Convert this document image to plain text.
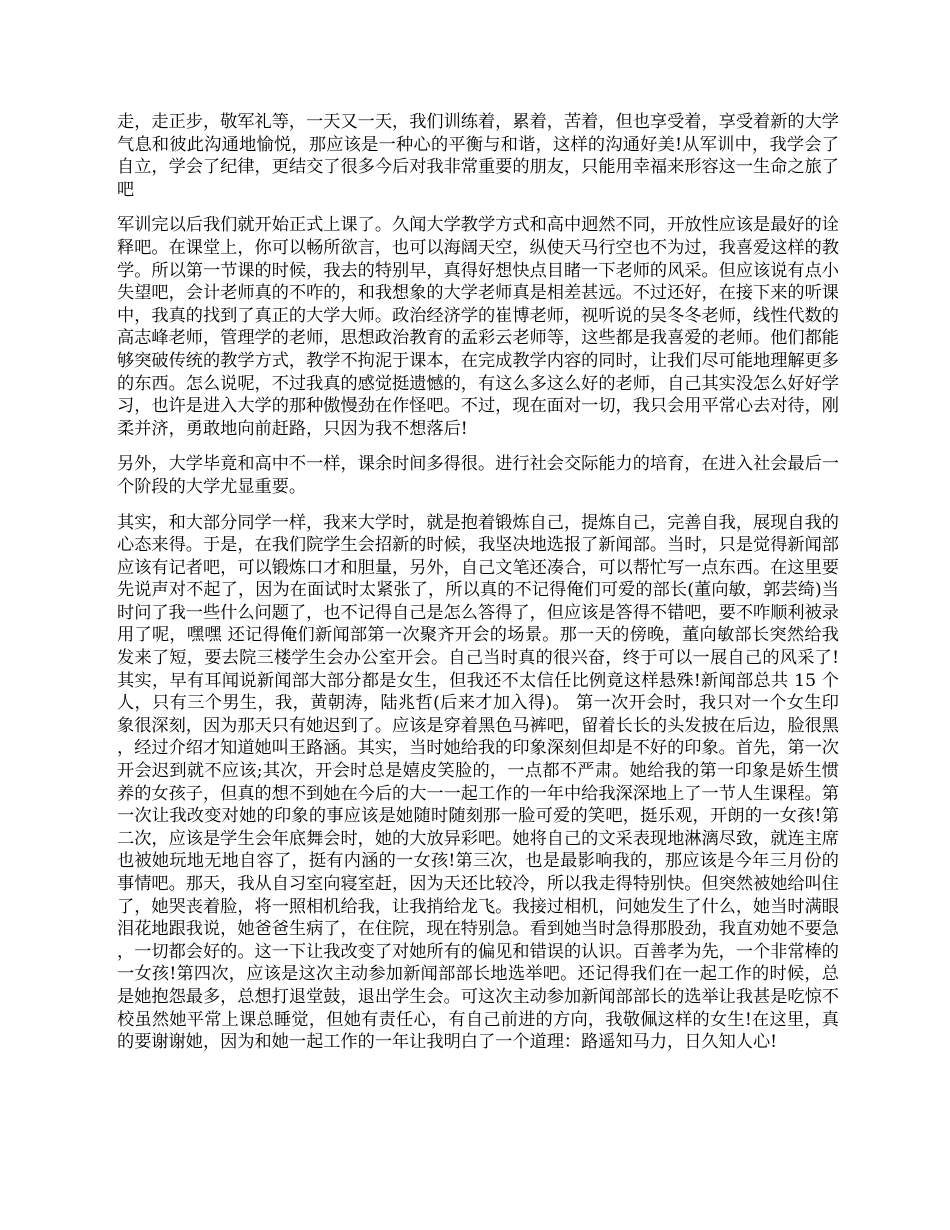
走，走正步，敬军礼等，一天又一天，我们训练着，累着，苦着，但也享受着，享受着新的大学气息和彼此沟通地愉悦，那应该是一种心的平衡与和谐，这样的沟通好美!从军训中，我学会了自立，学会了纪律，更结交了很多今后对我非常重要的朋友，只能用幸福来形容这一生命之旅了吧

军训完以后我们就开始正式上课了。久闻大学教学方式和高中迥然不同，开放性应该是最好的诠释吧。在课堂上，你可以畅所欲言，也可以海阔天空，纵使天马行空也不为过，我喜爱这样的教学。所以第一节课的时候，我去的特别早，真得好想快点目睹一下老师的风采。但应该说有点小失望吧，会计老师真的不咋的，和我想象的大学老师真是相差甚远。不过还好，在接下来的听课中，我真的找到了真正的大学大师。政治经济学的崔博老师，视听说的吴冬冬老师，线性代数的高志峰老师，管理学的老师，思想政治教育的孟彩云老师等，这些都是我喜爱的老师。他们都能够突破传统的教学方式，教学不拘泥于课本，在完成教学内容的同时，让我们尽可能地理解更多的东西。怎么说呢，不过我真的感觉挺遗憾的，有这么多这么好的老师，自己其实没怎么好好学习，也许是进入大学的那种傲慢劲在作怪吧。不过，现在面对一切，我只会用平常心去对待，刚柔并济，勇敢地向前赶路，只因为我不想落后!

另外，大学毕竟和高中不一样，课余时间多得很。进行社会交际能力的培育，在进入社会最后一个阶段的大学尤显重要。

其实，和大部分同学一样，我来大学时，就是抱着锻炼自己，提炼自己，完善自我，展现自我的心态来得。于是，在我们院学生会招新的时候，我坚决地选报了新闻部。当时，只是觉得新闻部应该有记者吧，可以锻炼口才和胆量，另外，自己文笔还凑合，可以帮忙写一点东西。在这里要先说声对不起了，因为在面试时太紧张了，所以真的不记得俺们可爱的部长(董向敏，郭芸绮)当时问了我一些什么问题了，也不记得自己是怎么答得了，但应该是答得不错吧，要不咋顺利被录用了呢，嘿嘿 还记得俺们新闻部第一次聚齐开会的场景。那一天的傍晚，董向敏部长突然给我发来了短，要去院三楼学生会办公室开会。自己当时真的很兴奋，终于可以一展自己的风采了!其实，早有耳闻说新闻部大部分都是女生，但我还不太信任比例竟这样悬殊!新闻部总共 15 个人，只有三个男生，我，黄朝涛，陆兆哲(后来才加入得)。 第一次开会时，我只对一个女生印象很深刻，因为那天只有她迟到了。应该是穿着黑色马裤吧，留着长长的头发披在后边，脸很黑，经过介绍才知道她叫王路涵。其实，当时她给我的印象深刻但却是不好的印象。首先，第一次开会迟到就不应该;其次，开会时总是嬉皮笑脸的，一点都不严肃。她给我的第一印象是娇生惯养的女孩子，但真的想不到她在今后的大一一起工作的一年中给我深深地上了一节人生课程。第一次让我改变对她的印象的事应该是她随时随刻那一脸可爱的笑吧，挺乐观，开朗的一女孩!第二次，应该是学生会年底舞会时，她的大放异彩吧。她将自己的文采表现地淋漓尽致，就连主席也被她玩地无地自容了，挺有内涵的一女孩!第三次，也是最影响我的，那应该是今年三月份的事情吧。那天，我从自习室向寝室赶，因为天还比较冷，所以我走得特别快。但突然被她给叫住了，她哭丧着脸，将一照相机给我，让我捎给龙飞。我接过相机，问她发生了什么，她当时满眼泪花地跟我说，她爸爸生病了，在住院，现在特别急。看到她当时急得那股劲，我直劝她不要急，一切都会好的。这一下让我改变了对她所有的偏见和错误的认识。百善孝为先，一个非常棒的一女孩!第四次，应该是这次主动参加新闻部部长地选举吧。还记得我们在一起工作的时候，总是她抱怨最多，总想打退堂鼓，退出学生会。可这次主动参加新闻部部长的选举让我甚是吃惊不校虽然她平常上课总睡觉，但她有责任心，有自己前进的方向，我敬佩这样的女生!在这里，真的要谢谢她，因为和她一起工作的一年让我明白了一个道理：路遥知马力，日久知人心!
